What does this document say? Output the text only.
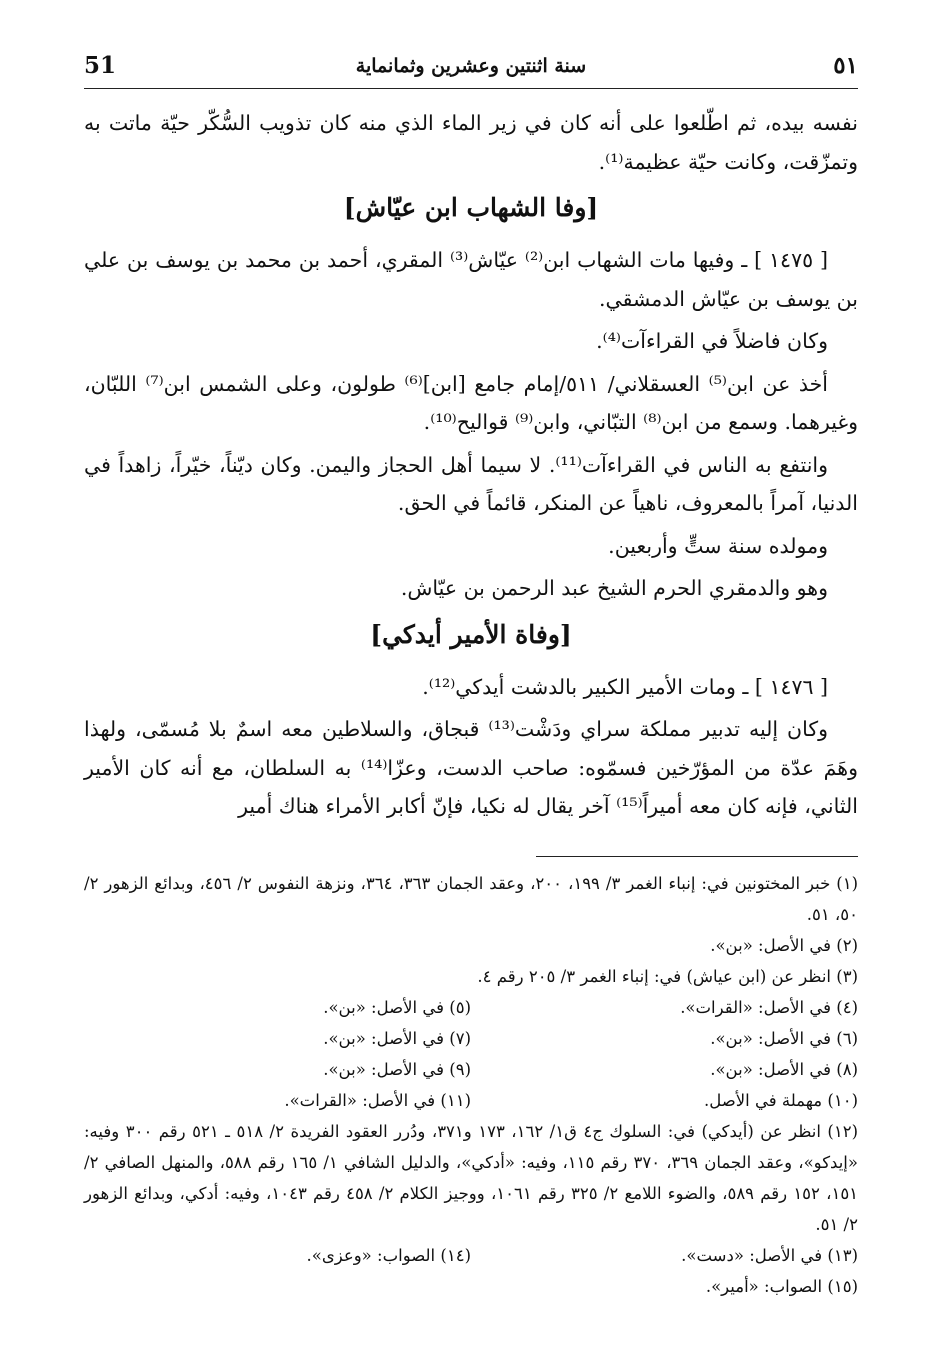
٥١
سنة اثنتين وعشرين وثمانماية
51

نفسه بيده، ثم اطّلعوا على أنه كان في زير الماء الذي منه كان تذويب السُّكّر حيّة ماتت به وتمزّقت، وكانت حيّة عظيمة⁽¹⁾.

[وفا الشهاب ابن عيّاش]

[ ١٤٧٥ ] ـ وفيها مات الشهاب ابن⁽²⁾ عيّاش⁽³⁾ المقري، أحمد بن محمد بن يوسف بن علي بن يوسف بن عيّاش الدمشقي.

وكان فاضلاً في القراءآت⁽⁴⁾.

أخذ عن ابن⁽⁵⁾ العسقلاني/ ٥١١/إمام جامع [ابن]⁽⁶⁾ طولون، وعلى الشمس ابن⁽⁷⁾ اللبّان، وغيرهما. وسمع من ابن⁽⁸⁾ التبّاني، وابن⁽⁹⁾ قواليح⁽¹⁰⁾.

وانتفع به الناس في القراءآت⁽¹¹⁾. لا سيما أهل الحجاز واليمن. وكان ديّناً، خيّراً، زاهداً في الدنيا، آمراً بالمعروف، ناهياً عن المنكر، قائماً في الحق.

ومولده سنة ستٍّ وأربعين.

وهو والدمقري الحرم الشيخ عبد الرحمن بن عيّاش.

[وفاة الأمير أيدكي]

[ ١٤٧٦ ] ـ ومات الأمير الكبير بالدشت أيدكي⁽¹²⁾.

وكان إليه تدبير مملكة سراي ودَشْت⁽¹³⁾ قبجاق، والسلاطين معه اسمٌ بلا مُسمّى، ولهذا وهَمَ عدّة من المؤرّخين فسمّوه: صاحب الدست، وعزّا⁽¹⁴⁾ به السلطان، مع أنه كان الأمير الثاني، فإنه كان معه أميراً⁽¹⁵⁾ آخر يقال له نكيا، فإنّ أكابر الأمراء هناك أمير

(١) خبر المختونين في: إنباء الغمر ٣/ ١٩٩، ٢٠٠، وعقد الجمان ٣٦٣، ٣٦٤، ونزهة النفوس ٢/ ٤٥٦، وبدائع الزهور ٢/ ٥٠، ٥١.

(٢) في الأصل: «بن».

(٣) انظر عن (ابن عياش) في: إنباء الغمر ٣/ ٢٠٥ رقم ٤.

(٤) في الأصل: «القرات».
(٥) في الأصل: «بن».
(٦) في الأصل: «بن».
(٧) في الأصل: «بن».
(٨) في الأصل: «بن».
(٩) في الأصل: «بن».
(١٠) مهملة في الأصل.
(١١) في الأصل: «القرات».

(١٢) انظر عن (أيدكي) في: السلوك ج٤ ق١/ ١٦٢، ١٧٣ و٣٧١، ودُرر العقود الفريدة ٢/ ٥١٨ ـ ٥٢١ رقم ٣٠٠ وفيه: «إيدكو»، وعقد الجمان ٣٦٩، ٣٧٠ رقم ١١٥، وفيه: «أدكي»، والدليل الشافي ١/ ١٦٥ رقم ٥٨٨، والمنهل الصافي ٢/ ١٥١، ١٥٢ رقم ٥٨٩، والضوء اللامع ٢/ ٣٢٥ رقم ١٠٦١، ووجيز الكلام ٢/ ٤٥٨ رقم ١٠٤٣، وفيه: أدكي، وبدائع الزهور ٢/ ٥١.

(١٣) في الأصل: «دست».
(١٤) الصواب: «وعزى».

(١٥) الصواب: «أمير».
